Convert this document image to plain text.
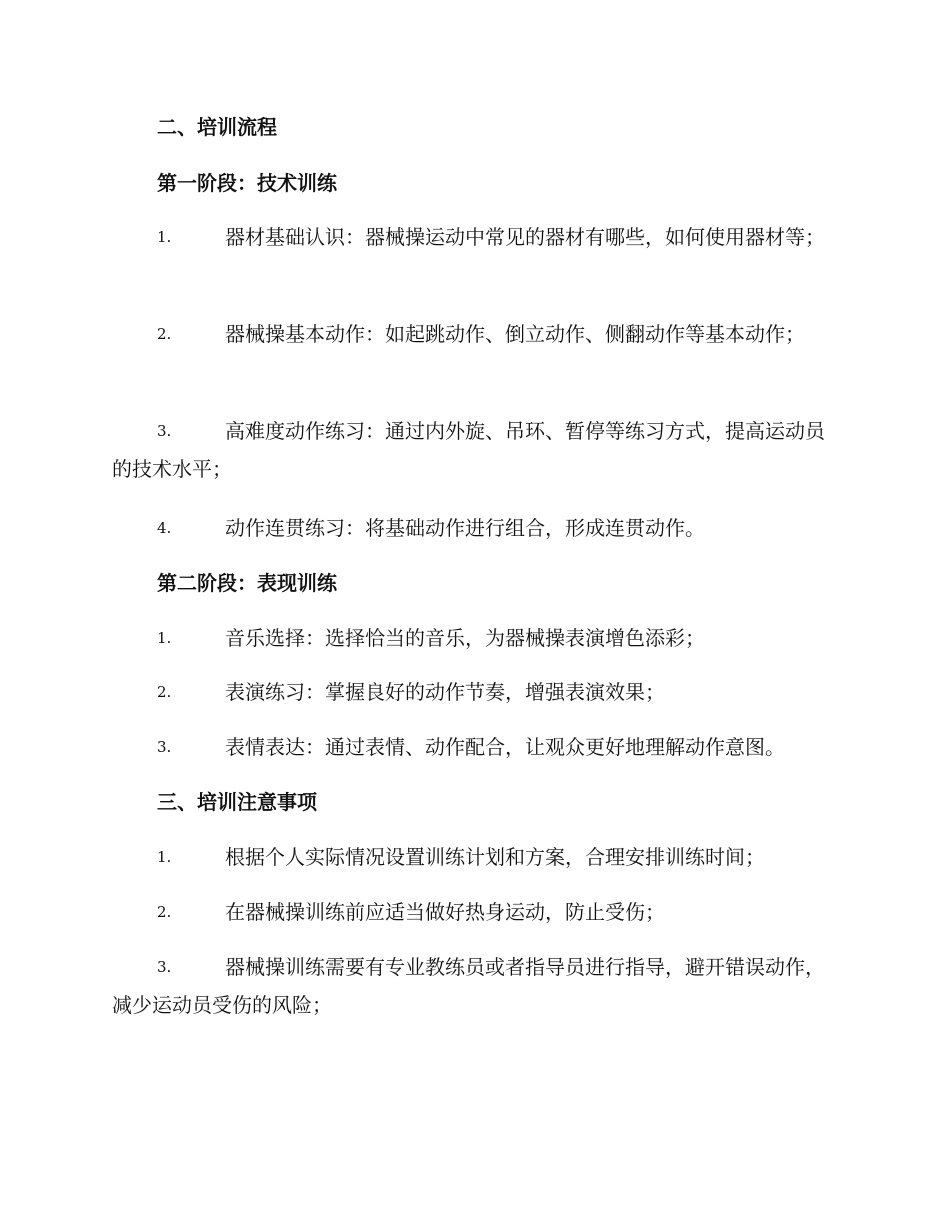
二、培训流程
第一阶段：技术训练
1.	器材基础认识：器械操运动中常见的器材有哪些，如何使用器材等；
2.	器械操基本动作：如起跳动作、倒立动作、侧翻动作等基本动作；
3.	高难度动作练习：通过内外旋、吊环、暂停等练习方式，提高运动员的技术水平；
4.	动作连贯练习：将基础动作进行组合，形成连贯动作。
第二阶段：表现训练
1.	音乐选择：选择恰当的音乐，为器械操表演增色添彩；
2.	表演练习：掌握良好的动作节奏，增强表演效果；
3.	表情表达：通过表情、动作配合，让观众更好地理解动作意图。
三、培训注意事项
1.	根据个人实际情况设置训练计划和方案，合理安排训练时间；
2.	在器械操训练前应适当做好热身运动，防止受伤；
3.	器械操训练需要有专业教练员或者指导员进行指导，避开错误动作，减少运动员受伤的风险；
